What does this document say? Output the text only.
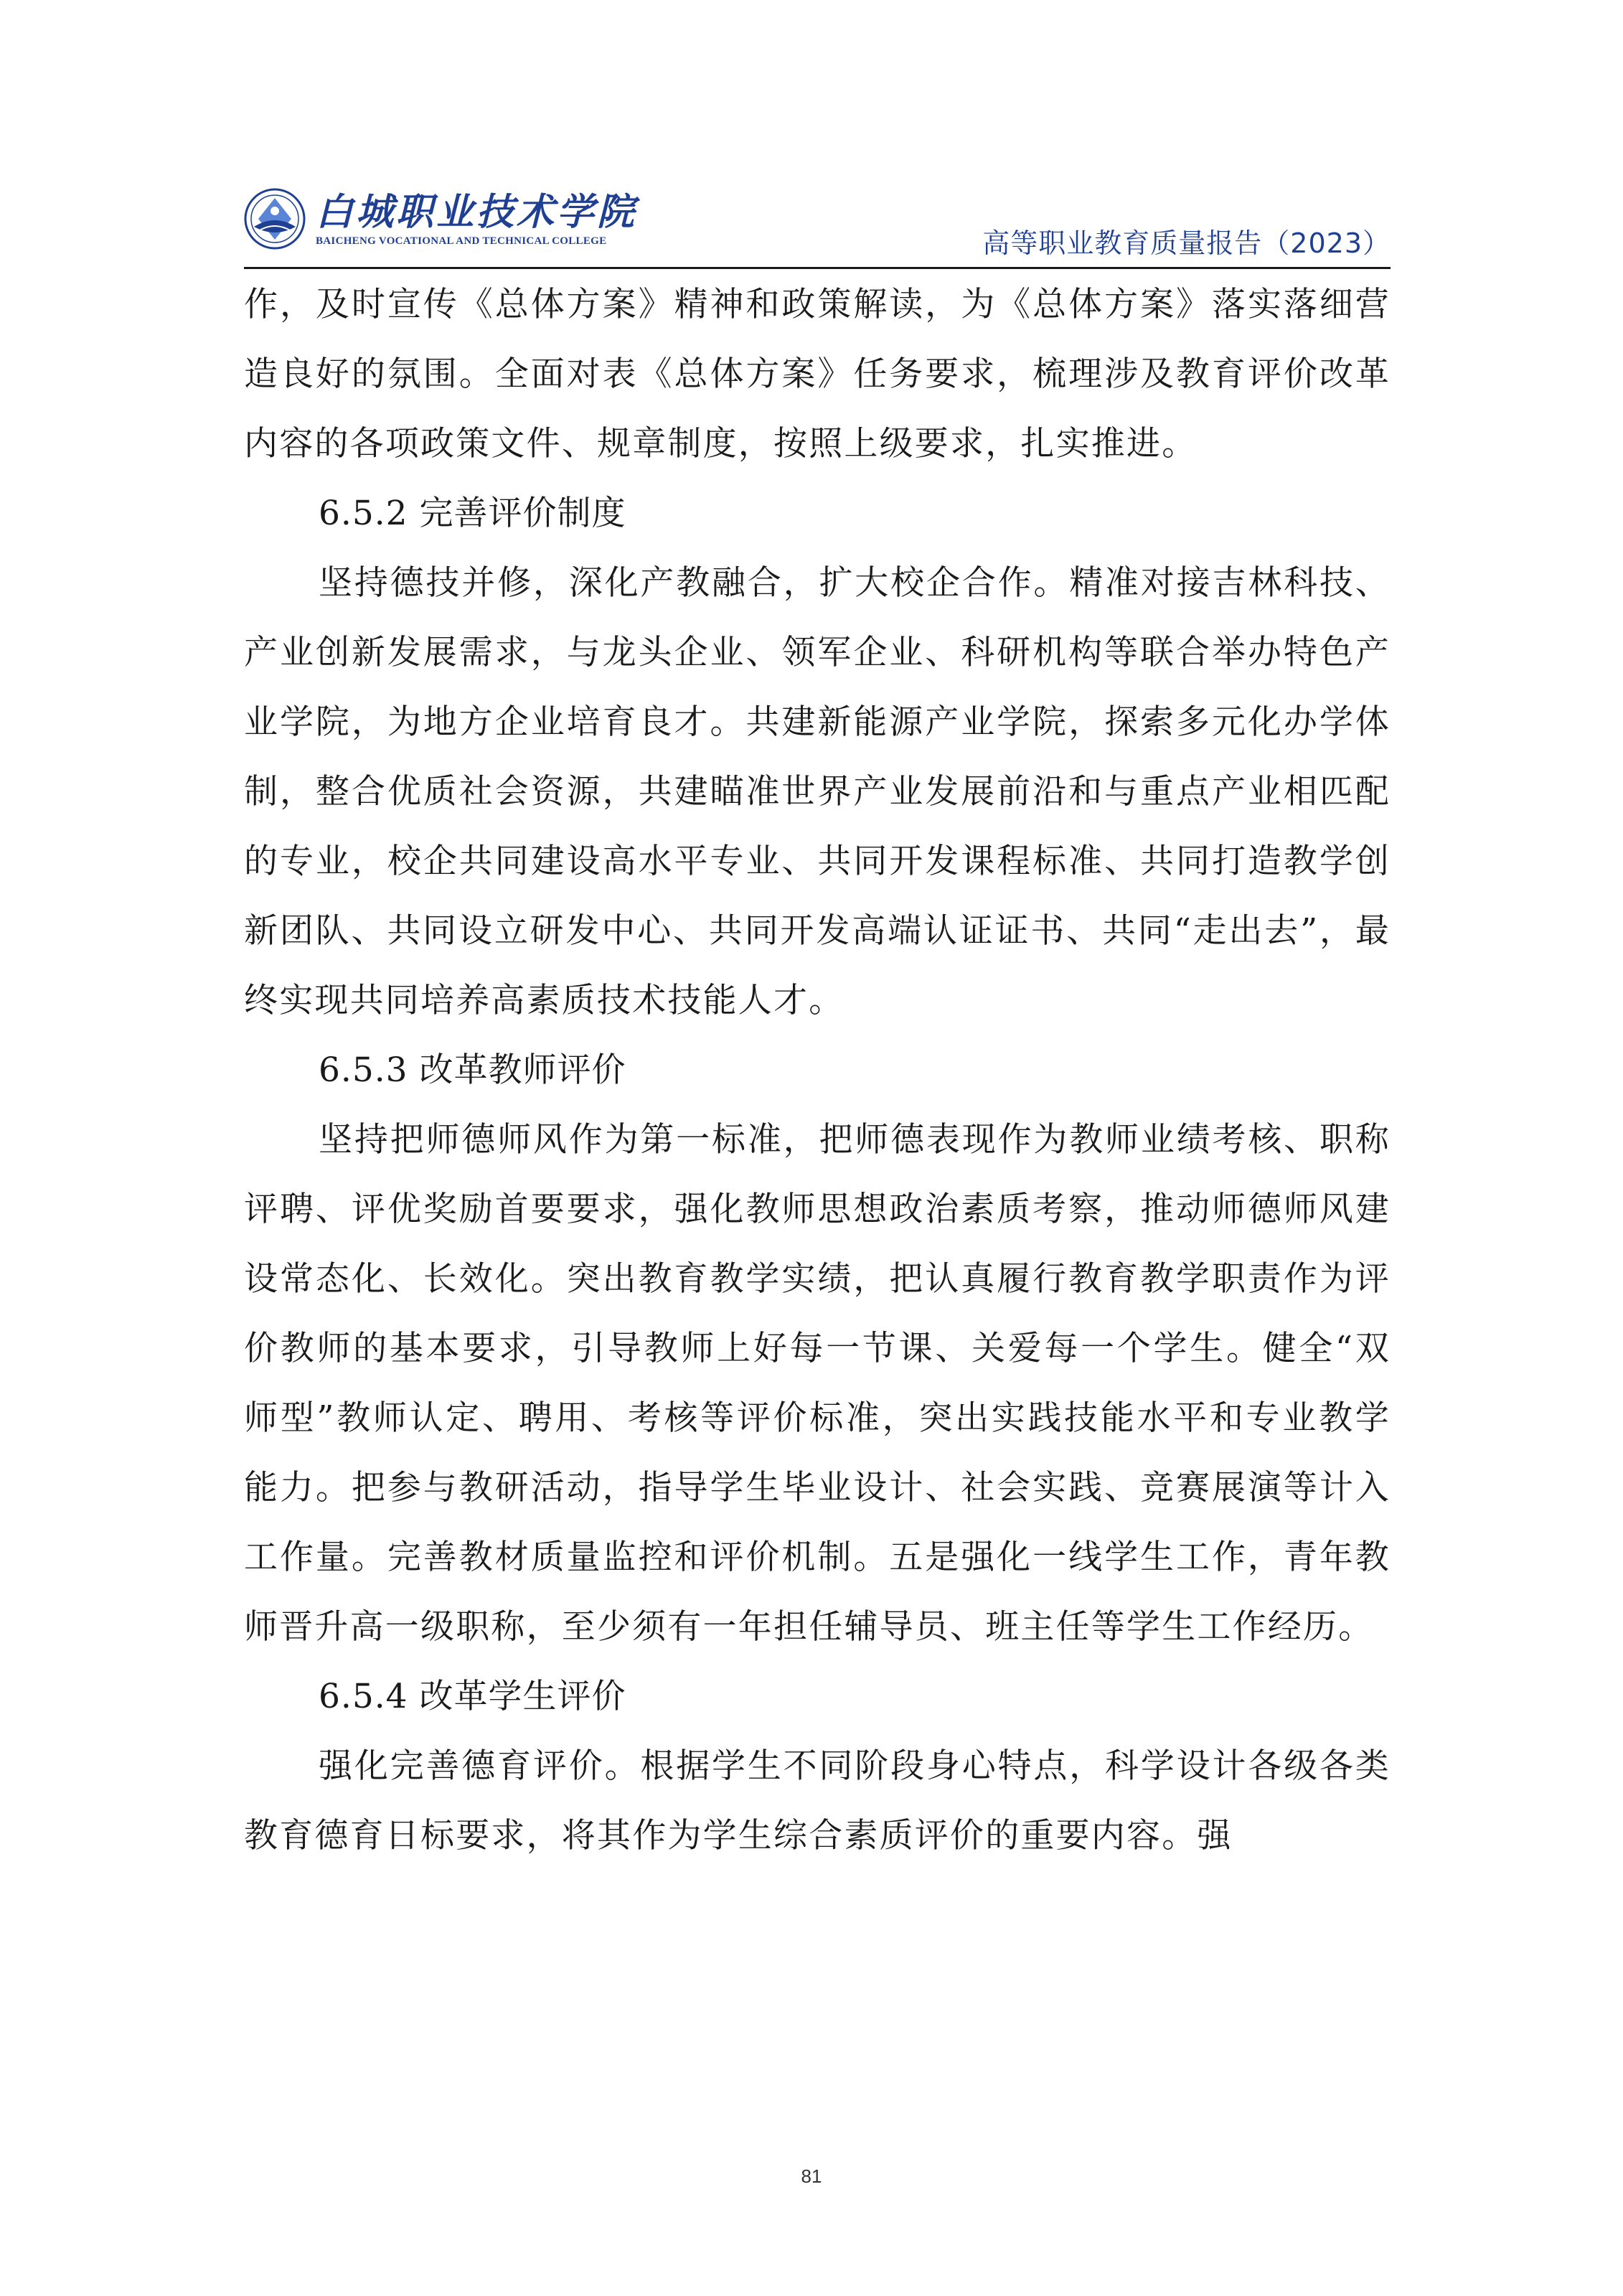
白城职业技术学院
BAICHENG VOCATIONAL AND TECHNICAL COLLEGE	高等职业教育质量报告（2023）

作，及时宣传《总体方案》精神和政策解读，为《总体方案》落实落细营造良好的氛围。全面对表《总体方案》任务要求，梳理涉及教育评价改革内容的各项政策文件、规章制度，按照上级要求，扎实推进。

6.5.2 完善评价制度

坚持德技并修，深化产教融合，扩大校企合作。精准对接吉林科技、产业创新发展需求，与龙头企业、领军企业、科研机构等联合举办特色产业学院，为地方企业培育良才。共建新能源产业学院，探索多元化办学体制，整合优质社会资源，共建瞄准世界产业发展前沿和与重点产业相匹配的专业，校企共同建设高水平专业、共同开发课程标准、共同打造教学创新团队、共同设立研发中心、共同开发高端认证证书、共同“走出去”，最终实现共同培养高素质技术技能人才。

6.5.3 改革教师评价

坚持把师德师风作为第一标准，把师德表现作为教师业绩考核、职称评聘、评优奖励首要要求，强化教师思想政治素质考察，推动师德师风建设常态化、长效化。突出教育教学实绩，把认真履行教育教学职责作为评价教师的基本要求，引导教师上好每一节课、关爱每一个学生。健全“双师型”教师认定、聘用、考核等评价标准，突出实践技能水平和专业教学能力。把参与教研活动，指导学生毕业设计、社会实践、竞赛展演等计入工作量。完善教材质量监控和评价机制。五是强化一线学生工作，青年教师晋升高一级职称，至少须有一年担任辅导员、班主任等学生工作经历。

6.5.4 改革学生评价

强化完善德育评价。根据学生不同阶段身心特点，科学设计各级各类教育德育日标要求，将其作为学生综合素质评价的重要内容。强

81
